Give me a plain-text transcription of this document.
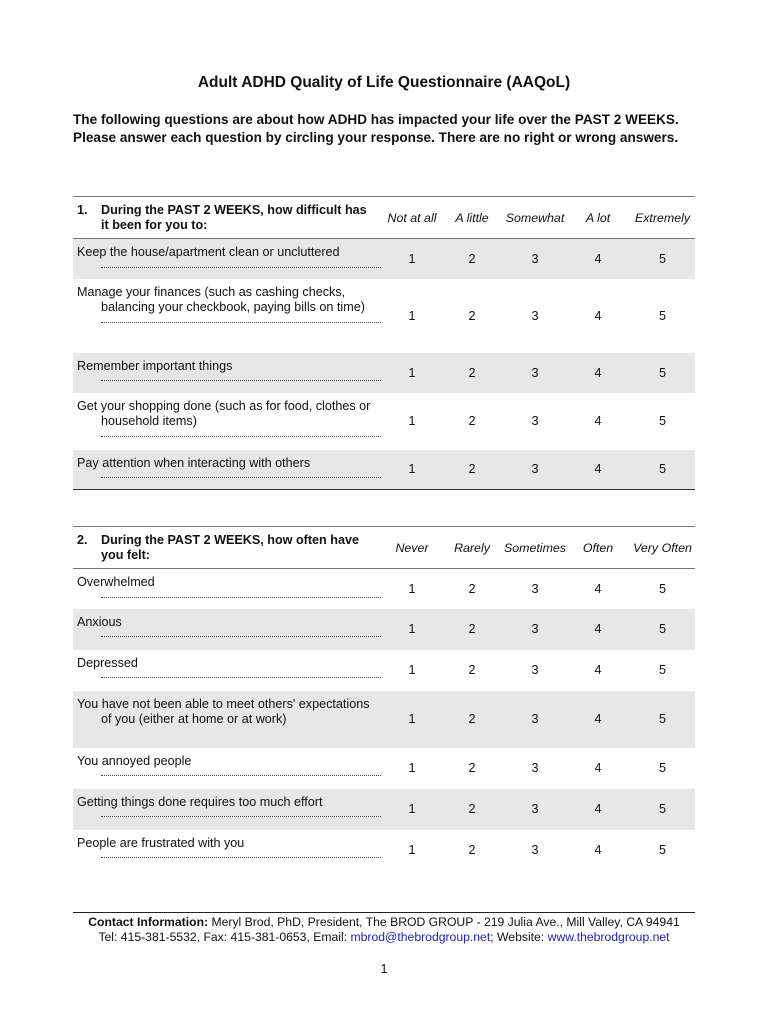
Adult ADHD Quality of Life Questionnaire (AAQoL)
The following questions are about how ADHD has impacted your life over the PAST 2 WEEKS. Please answer each question by circling your response. There are no right or wrong answers.
1. During the PAST 2 WEEKS, how difficult has it been for you to:	Not at all	A little	Somewhat	A lot	Extremely

Keep the house/apartment clean or uncluttered	1	2	3	4	5

Manage your finances (such as cashing checks, balancing your checkbook, paying bills on time)	1	2	3	4	5

Remember important things	1	2	3	4	5

Get your shopping done (such as for food, clothes or household items)	1	2	3	4	5

Pay attention when interacting with others	1	2	3	4	5
2. During the PAST 2 WEEKS, how often have you felt:	Never	Rarely	Sometimes	Often	Very Often

Overwhelmed	1	2	3	4	5

Anxious	1	2	3	4	5

Depressed	1	2	3	4	5

You have not been able to meet others' expectations of you (either at home or at work)	1	2	3	4	5

You annoyed people	1	2	3	4	5

Getting things done requires too much effort	1	2	3	4	5

People are frustrated with you	1	2	3	4	5
Contact Information: Meryl Brod, PhD, President, The BROD GROUP - 219 Julia Ave., Mill Valley, CA 94941
Tel: 415-381-5532, Fax: 415-381-0653, Email: mbrod@thebrodgroup.net; Website: www.thebrodgroup.net
1
